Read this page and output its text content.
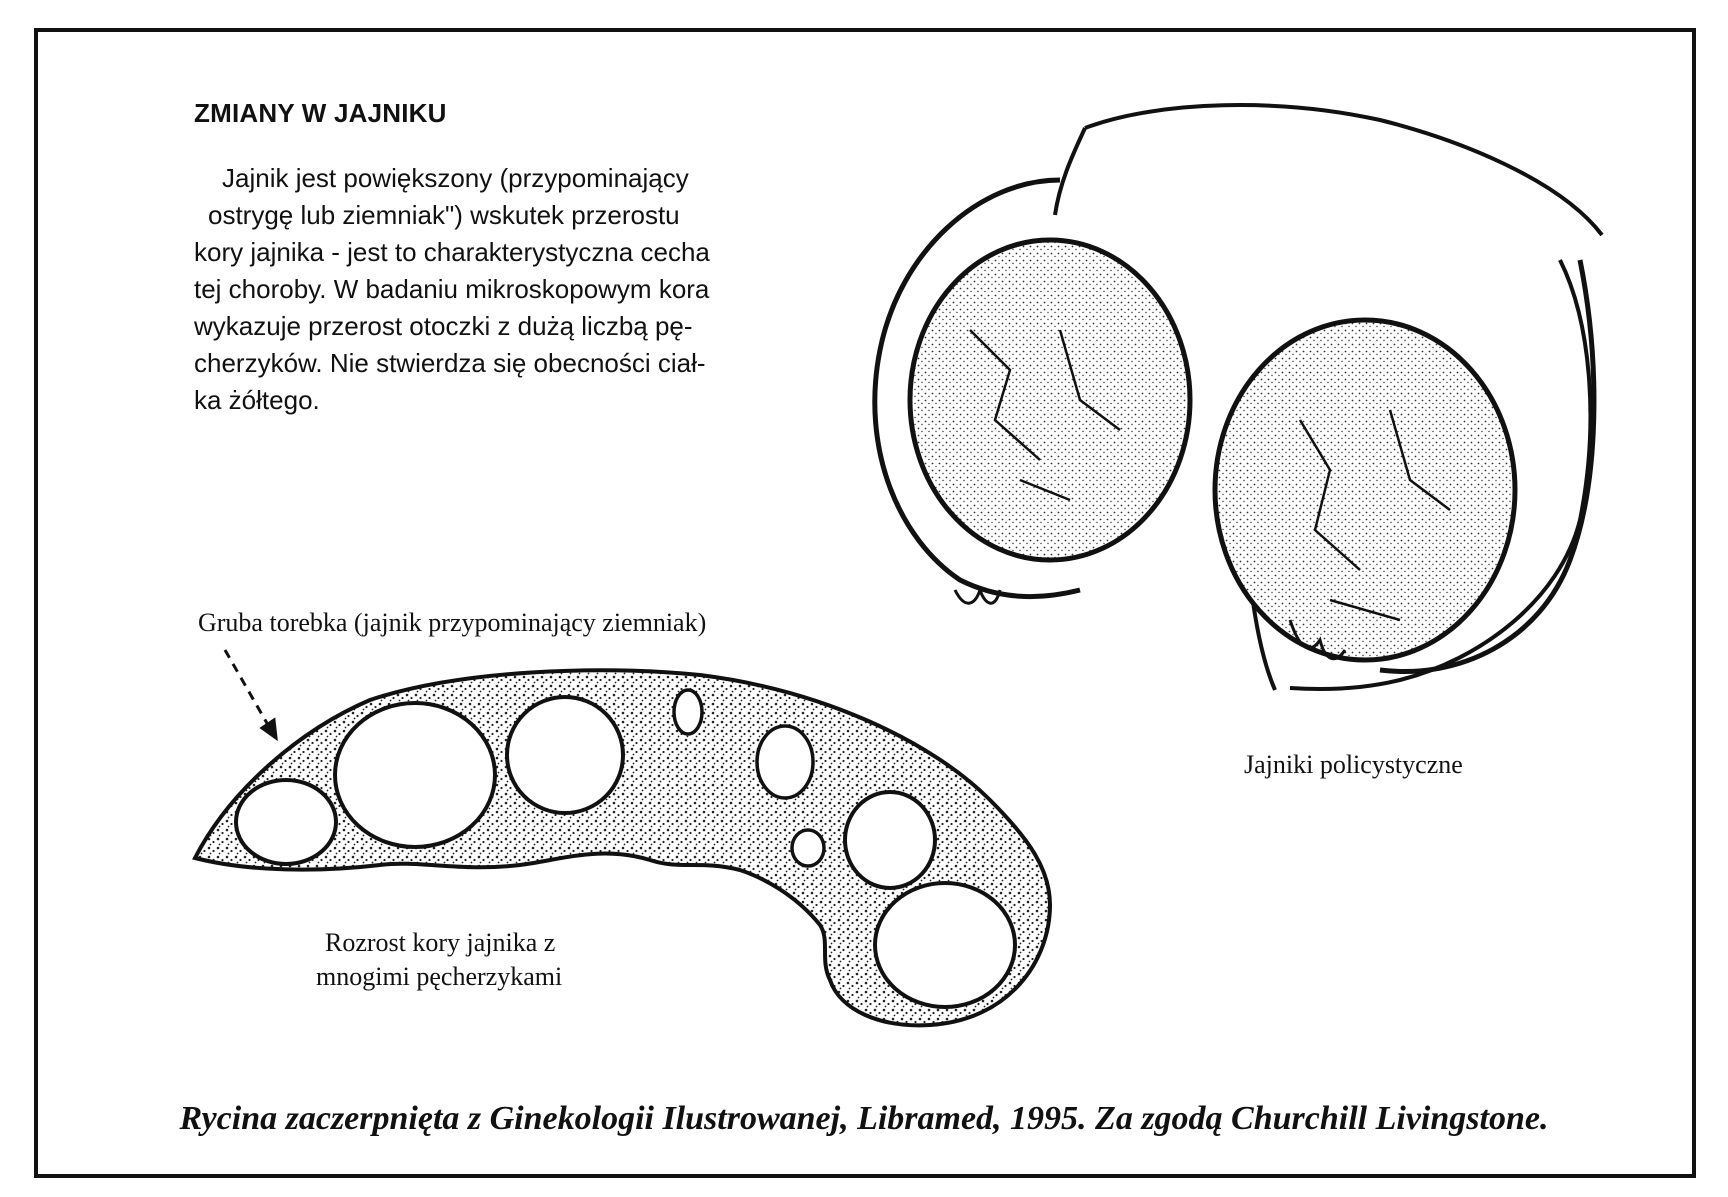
ZMIANY W JAJNIKU
Jajnik jest powiększony (przypominający
ostrygę lub ziemniak") wskutek przerostu
kory jajnika - jest to charakterystyczna cecha
tej choroby. W badaniu mikroskopowym kora
wykazuje przerost otoczki z dużą liczbą pę-
cherzyków. Nie stwierdza się obecności ciał-
ka żółtego.
Gruba torebka (jajnik przypominający ziemniak)
Jajniki policystyczne
Rozrost kory jajnika z
mnogimi pęcherzykami
Rycina zaczerpnięta z Ginekologii Ilustrowanej, Libramed, 1995. Za zgodą Churchill Livingstone.
